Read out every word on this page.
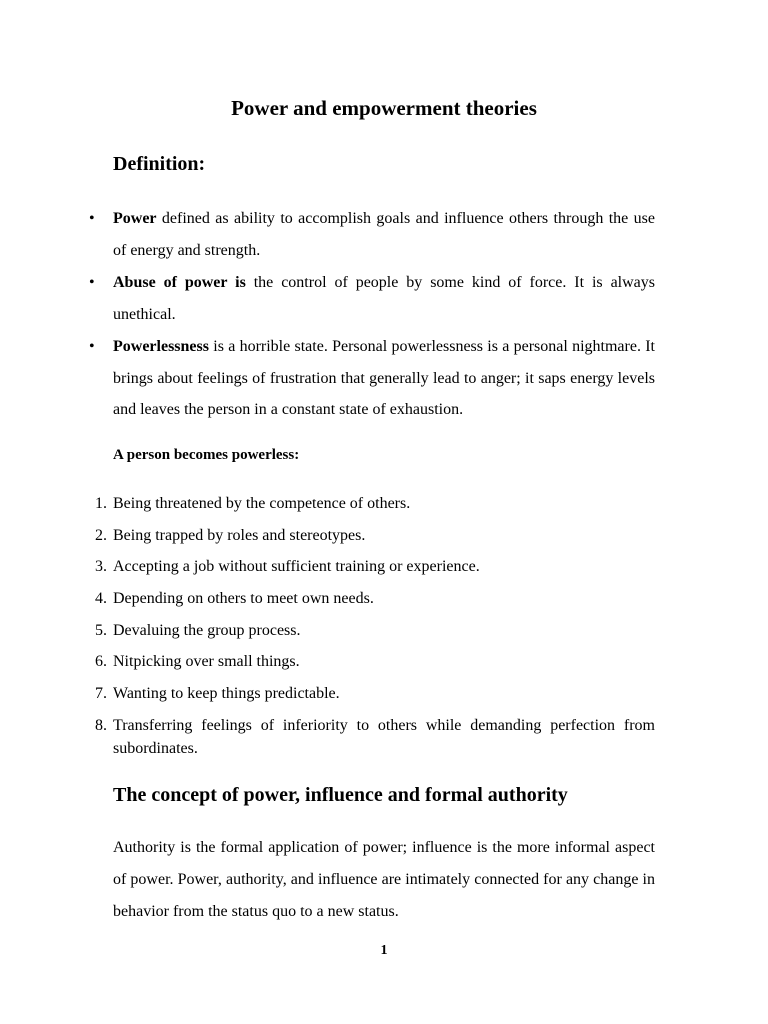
Power and empowerment theories
Definition:
• Power defined as ability to accomplish goals and influence others through the use of energy and strength.
• Abuse of power is the control of people by some kind of force. It is always unethical.
• Powerlessness is a horrible state. Personal powerlessness is a personal nightmare. It brings about feelings of frustration that generally lead to anger; it saps energy levels and leaves the person in a constant state of exhaustion.
A person becomes powerless:
1. Being threatened by the competence of others.
2. Being trapped by roles and stereotypes.
3. Accepting a job without sufficient training or experience.
4. Depending on others to meet own needs.
5. Devaluing the group process.
6. Nitpicking over small things.
7. Wanting to keep things predictable.
8. Transferring feelings of inferiority to others while demanding perfection from subordinates.
The concept of power, influence and formal authority
Authority is the formal application of power; influence is the more informal aspect of power. Power, authority, and influence are intimately connected for any change in behavior from the status quo to a new status.
1
